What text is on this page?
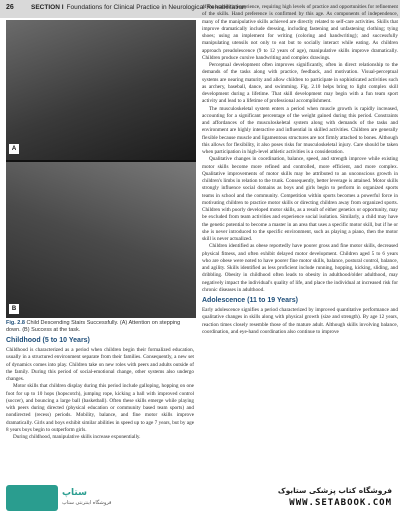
26	SECTION I Foundations for Clinical Practice in Neurological Rehabilitation
A
B
Fig. 2.8 Child Descending Stairs Successfully. (A) Attention on stepping down. (B) Success at the task.
Childhood (5 to 10 Years)

Childhood is characterized as a period when children begin their formalized education, usually in a structured environment separate from their families. Consequently, a new set of dynamics comes into play. Children take on new roles with peers and adults outside of the family. During this period of social-emotional change, other systems also undergo changes.

Motor skills that children display during this period include galloping, hopping on one foot for up to 10 hops (hopscotch), jumping rope, kicking a ball with improved control (soccer), and bouncing a large ball (basketball). Often these skills emerge while playing with peers during directed (physical education or community based team sports) and nondirected (recess) periods. Mobility, balance, and fine motor skills improve dramatically. Girls and boys exhibit similar abilities in speed up to age 7 years, but by age 8 years boys begin to outperform girls.

During childhood, manipulative skills increase exponentially.

of the academic experience, requiring high levels of practice and opportunities for refinement of the skills. Hand preference is confirmed by this age. As components of independence, many of the manipulative skills achieved are directly related to self-care activities. Skills that improve dramatically include dressing, including fastening and unfastening clothing; tying shoes; using an implement for writing (coloring and handwriting); and successfully manipulating utensils not only to eat but to socially interact while eating. As children approach preadolescence (9 to 12 years of age), manipulative skills improve dramatically. Children produce cursive handwriting and complex drawings.

Perceptual development often improves significantly, often in direct relationship to the demands of the tasks along with practice, feedback, and motivation. Visual-perceptual systems are nearing maturity and allow children to participate in sophisticated activities such as archery, baseball, dance, and swimming. Fig. 2.10 helps bring to light complex skill development during a lifetime. That skill development may begin with a fun team sport activity and lead to a lifetime of professional accomplishment.

The musculoskeletal system enters a period when muscle growth is rapidly increased, accounting for a significant percentage of the weight gained during this period. Constraints and affordances of the musculoskeletal system along with demands of the tasks and environment are highly interactive and influential in skilled activities. Children are generally flexible because muscle and ligamentous structures are not firmly attached to bones. Although this allows for flexibility, it also poses risks for musculoskeletal injury. Care should be taken when participation in high-level athletic activities is a consideration.

Qualitative changes in coordination, balance, speed, and strength improve while existing motor skills become more refined and controlled, more efficient, and more complex. Qualitative improvements of motor skills may be attributed to an unconscious growth in children's limbs in relation to the trunk. Consequently, better leverage is attained. Motor skills strongly influence social domains as boys and girls begin to perform in organized sports teams in school and the community. Competition within sports becomes a powerful force in motivating children to practice motor skills or directing children away from organized sports. Children with poorly developed motor skills, as a result of either genetics or opportunity, may be excluded from team activities and experience social isolation. Similarly, a child may have the genetic potential to become a master in an area that uses a specific motor skill, but if he or she is never introduced to the specific environment, such as playing a piano, then the motor skill is never actualized.

Children identified as obese reportedly have poorer gross and fine motor skills, decreased physical fitness, and often exhibit delayed motor development. Children aged 5 to 6 years who are obese were noted to have poorer fine motor skills, balance, postural control, balance, and agility. Skills identified as less proficient include running, hopping, kicking, sliding, and dribbling. Obesity in childhood often leads to obesity in adulthood/older adulthood, may negatively impact the individual's quality of life, and place the individual at increased risk for chronic diseases in adulthood.

Adolescence (11 to 19 Years)

Early adolescence signifies a period characterized by improved quantitative performance and qualitative changes in skills along with physical growth (size and strength). By age 12 years, reaction times closely resemble those of the mature adult. Although skills involving balance, coordination, and eye-hand coordination also continue to improve

ستاپ
فروشگاه اینترنتی ستاپ
فروشگاه کتاب پزشکی ستابوک
WWW.SETABOOK.COM
